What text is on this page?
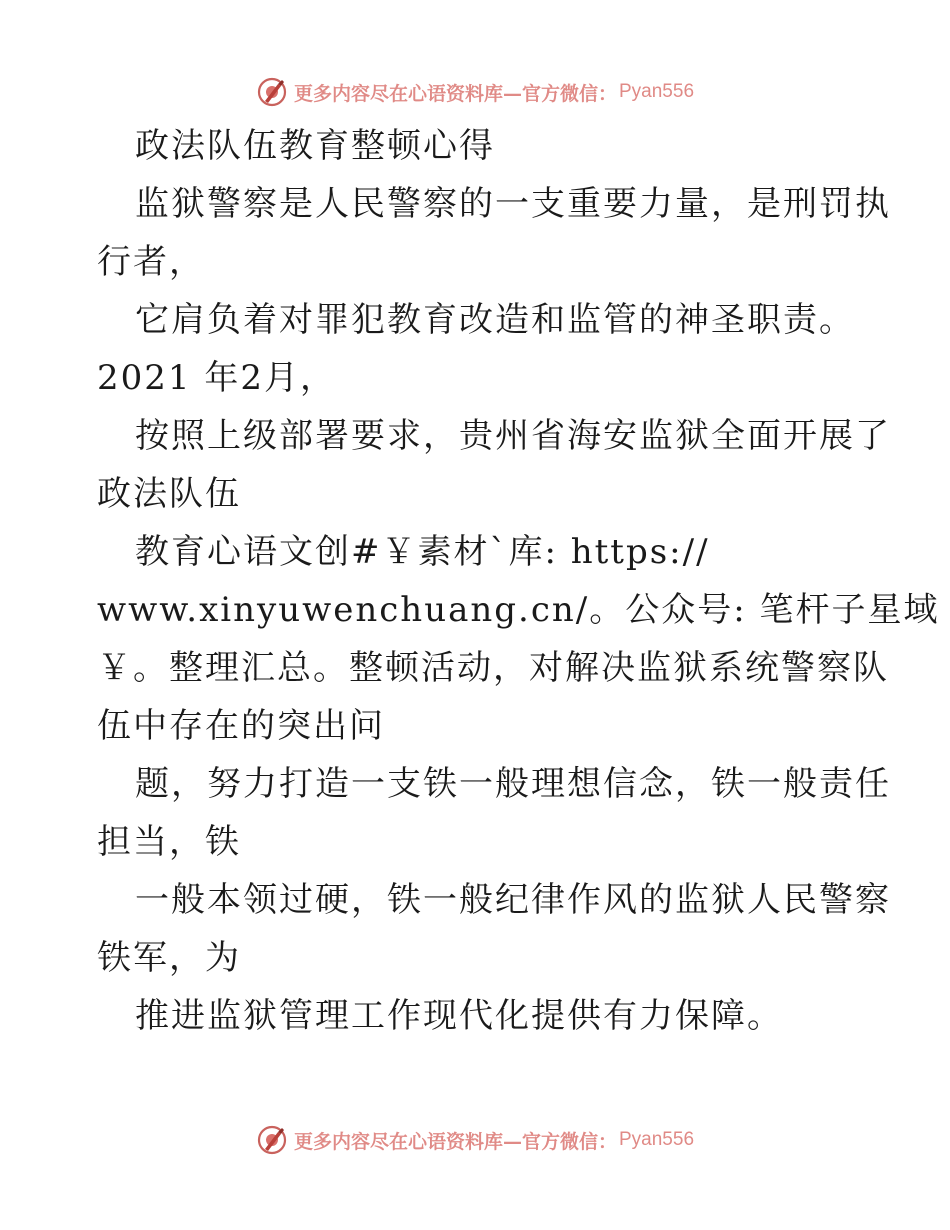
更多内容尽在心语资料库—官方微信： Pyan556
政法队伍教育整顿心得
监狱警察是人民警察的一支重要力量，是刑罚执
行者，
它肩负着对罪犯教育改造和监管的神圣职责。
2021 年2月，
按照上级部署要求，贵州省海安监狱全面开展了
政法队伍
教育心语文创#￥素材`库: https://
www.xinyuwenchuang.cn/。公众号: 笔杆子星域
￥。整理汇总。整顿活动，对解决监狱系统警察队
伍中存在的突出问
题，努力打造一支铁一般理想信念，铁一般责任
担当，铁
一般本领过硬，铁一般纪律作风的监狱人民警察
铁军，为
推进监狱管理工作现代化提供有力保障。
更多内容尽在心语资料库—官方微信： Pyan556
